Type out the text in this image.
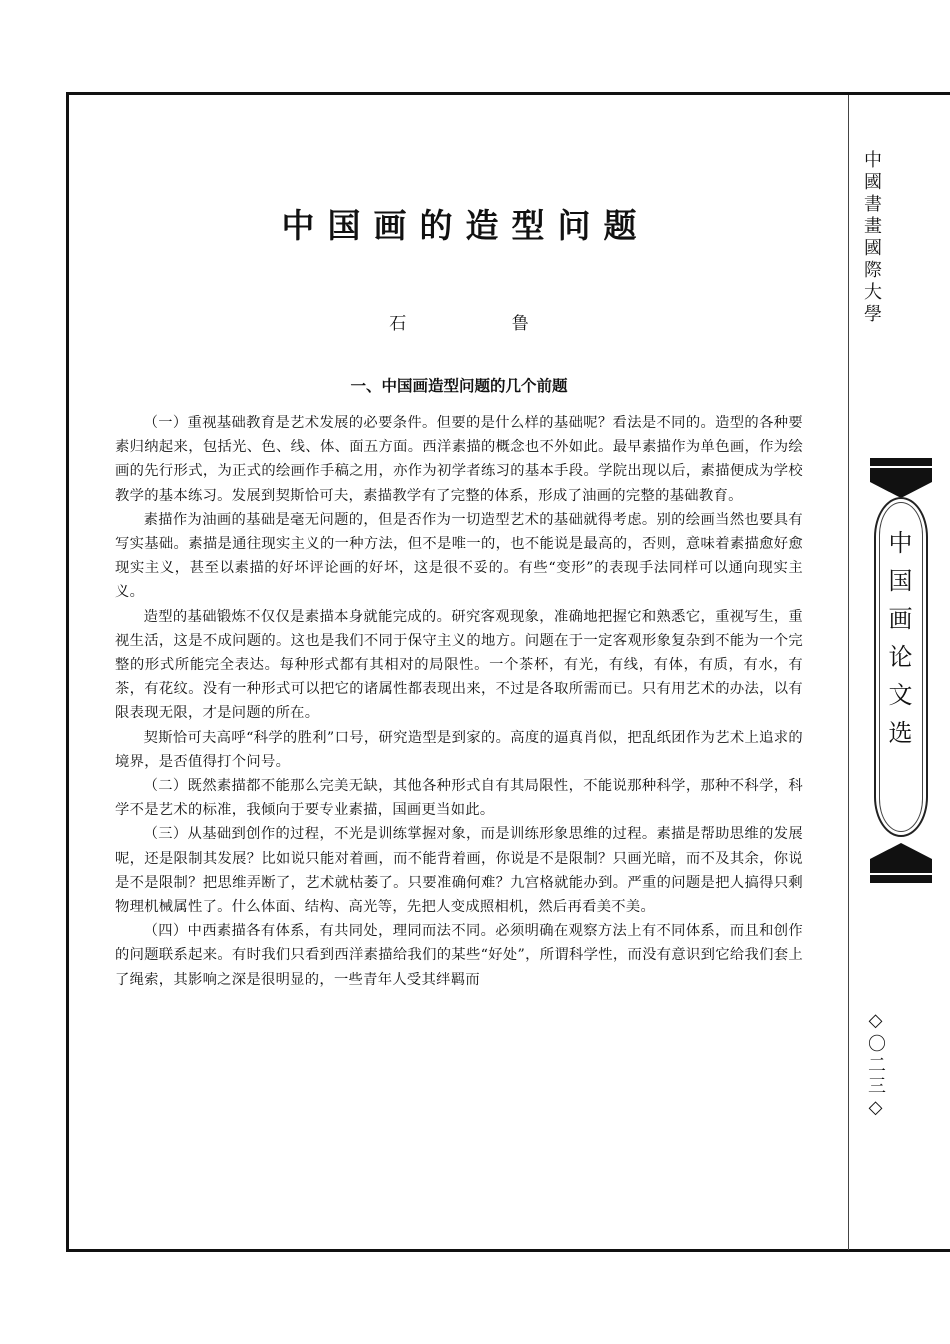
中国画的造型问题
石 鲁
一、中国画造型问题的几个前题

（一）重视基础教育是艺术发展的必要条件。但要的是什么样的基础呢？看法是不同的。造型的各种要素归纳起来，包括光、色、线、体、面五方面。西洋素描的概念也不外如此。最早素描作为单色画，作为绘画的先行形式，为正式的绘画作手稿之用，亦作为初学者练习的基本手段。学院出现以后，素描便成为学校教学的基本练习。发展到契斯恰可夫，素描教学有了完整的体系，形成了油画的完整的基础教育。

素描作为油画的基础是毫无问题的，但是否作为一切造型艺术的基础就得考虑。别的绘画当然也要具有写实基础。素描是通往现实主义的一种方法，但不是唯一的，也不能说是最高的，否则，意味着素描愈好愈现实主义，甚至以素描的好坏评论画的好坏，这是很不妥的。有些“变形”的表现手法同样可以通向现实主义。

造型的基础锻炼不仅仅是素描本身就能完成的。研究客观现象，准确地把握它和熟悉它，重视写生，重视生活，这是不成问题的。这也是我们不同于保守主义的地方。问题在于一定客观形象复杂到不能为一个完整的形式所能完全表达。每种形式都有其相对的局限性。一个茶杯，有光，有线，有体，有质，有水，有茶，有花纹。没有一种形式可以把它的诸属性都表现出来，不过是各取所需而已。只有用艺术的办法，以有限表现无限，才是问题的所在。

契斯恰可夫高呼“科学的胜利”口号，研究造型是到家的。高度的逼真肖似，把乱纸团作为艺术上追求的境界，是否值得打个问号。

（二）既然素描都不能那么完美无缺，其他各种形式自有其局限性，不能说那种科学，那种不科学，科学不是艺术的标准，我倾向于要专业素描，国画更当如此。

（三）从基础到创作的过程，不光是训练掌握对象，而是训练形象思维的过程。素描是帮助思维的发展呢，还是限制其发展？比如说只能对着画，而不能背着画，你说是不是限制？只画光暗，而不及其余，你说是不是限制？把思维弄断了，艺术就枯萎了。只要准确何难？九宫格就能办到。严重的问题是把人搞得只剩物理机械属性了。什么体面、结构、高光等，先把人变成照相机，然后再看美不美。

（四）中西素描各有体系，有共同处，理同而法不同。必须明确在观察方法上有不同体系，而且和创作的问题联系起来。有时我们只看到西洋素描给我们的某些“好处”，所谓科学性，而没有意识到它给我们套上了绳索，其影响之深是很明显的，一些青年人受其绊羁而

中國書畫國際大學
中国画论文选
◇〇二三◇
